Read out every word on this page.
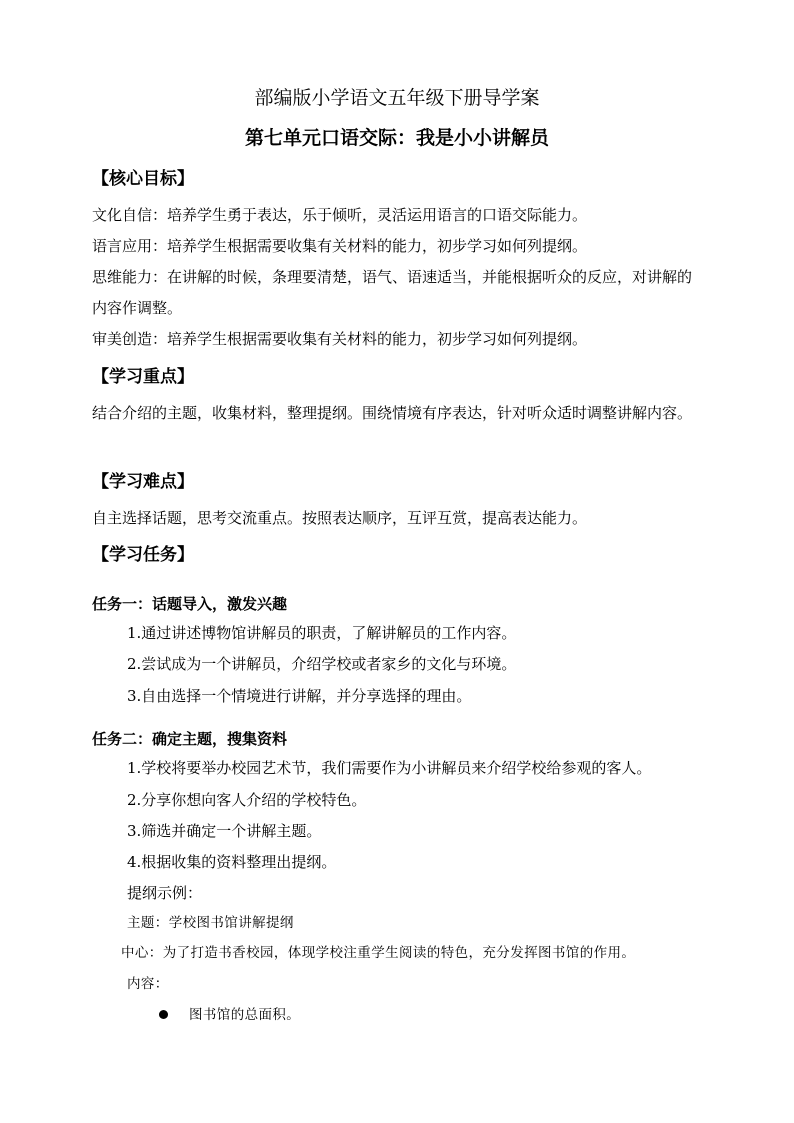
部编版小学语文五年级下册导学案
第七单元口语交际：我是小小讲解员
【核心目标】
文化自信：培养学生勇于表达，乐于倾听，灵活运用语言的口语交际能力。
语言应用：培养学生根据需要收集有关材料的能力，初步学习如何列提纲。
思维能力：在讲解的时候，条理要清楚，语气、语速适当，并能根据听众的反应，对讲解的内容作调整。
审美创造：培养学生根据需要收集有关材料的能力，初步学习如何列提纲。
【学习重点】
结合介绍的主题，收集材料，整理提纲。围绕情境有序表达，针对听众适时调整讲解内容。
【学习难点】
自主选择话题，思考交流重点。按照表达顺序，互评互赏，提高表达能力。
【学习任务】
任务一：话题导入，激发兴趣
1.通过讲述博物馆讲解员的职责，了解讲解员的工作内容。
2.尝试成为一个讲解员，介绍学校或者家乡的文化与环境。
3.自由选择一个情境进行讲解，并分享选择的理由。
任务二：确定主题，搜集资料
1.学校将要举办校园艺术节，我们需要作为小讲解员来介绍学校给参观的客人。
2.分享你想向客人介绍的学校特色。
3.筛选并确定一个讲解主题。
4.根据收集的资料整理出提纲。
提纲示例：
主题：学校图书馆讲解提纲
中心：为了打造书香校园，体现学校注重学生阅读的特色，充分发挥图书馆的作用。
内容：
图书馆的总面积。
